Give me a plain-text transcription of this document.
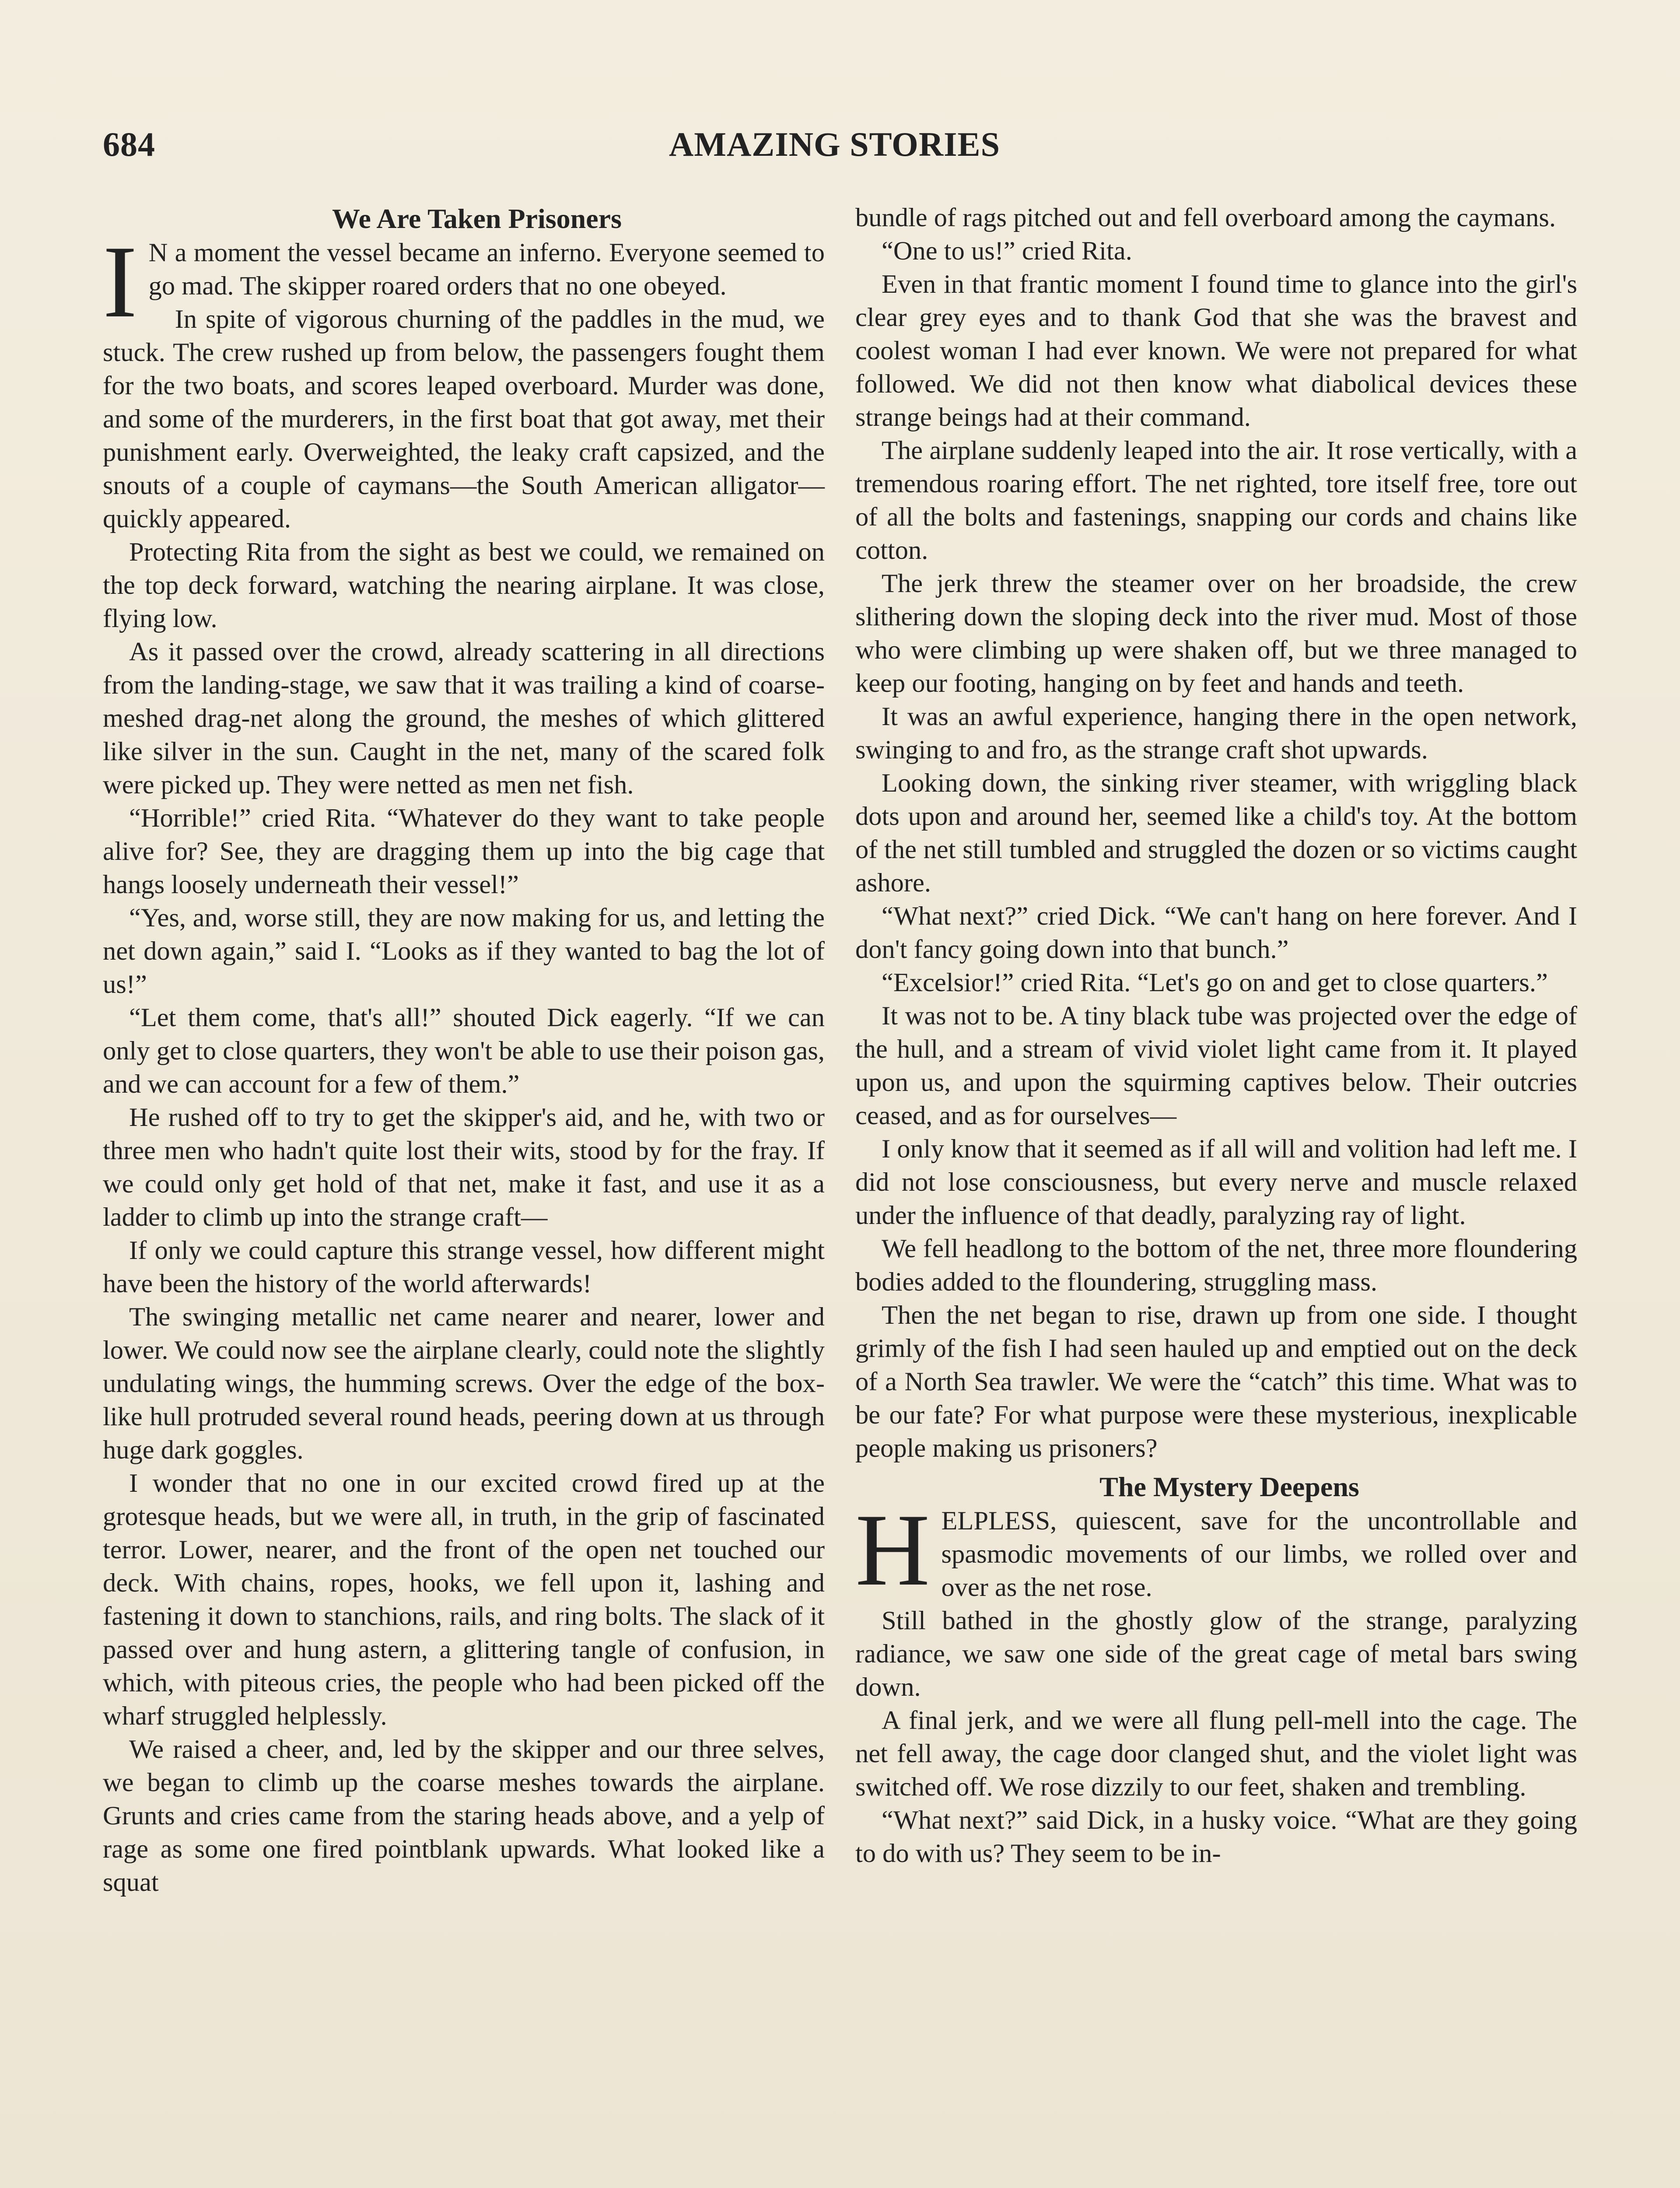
684	AMAZING STORIES

We Are Taken Prisoners

I N a moment the vessel became an inferno. Everyone seemed to go mad. The skipper roared orders that no one obeyed.

In spite of vigorous churning of the paddles in the mud, we stuck. The crew rushed up from below, the passengers fought them for the two boats, and scores leaped overboard. Murder was done, and some of the murderers, in the first boat that got away, met their punishment early. Overweighted, the leaky craft capsized, and the snouts of a couple of caymans—the South American alligator—quickly appeared.

Protecting Rita from the sight as best we could, we remained on the top deck forward, watching the nearing airplane. It was close, flying low.

As it passed over the crowd, already scattering in all directions from the landing-stage, we saw that it was trailing a kind of coarse-meshed drag-net along the ground, the meshes of which glittered like silver in the sun. Caught in the net, many of the scared folk were picked up. They were netted as men net fish.

“Horrible!” cried Rita. “Whatever do they want to take people alive for? See, they are dragging them up into the big cage that hangs loosely underneath their vessel!”

“Yes, and, worse still, they are now making for us, and letting the net down again,” said I. “Looks as if they wanted to bag the lot of us!”

“Let them come, that's all!” shouted Dick eagerly. “If we can only get to close quarters, they won't be able to use their poison gas, and we can account for a few of them.”

He rushed off to try to get the skipper's aid, and he, with two or three men who hadn't quite lost their wits, stood by for the fray. If we could only get hold of that net, make it fast, and use it as a ladder to climb up into the strange craft—

If only we could capture this strange vessel, how different might have been the history of the world afterwards!

The swinging metallic net came nearer and nearer, lower and lower. We could now see the airplane clearly, could note the slightly undulating wings, the humming screws. Over the edge of the box-like hull protruded several round heads, peering down at us through huge dark goggles.

I wonder that no one in our excited crowd fired up at the grotesque heads, but we were all, in truth, in the grip of fascinated terror. Lower, nearer, and the front of the open net touched our deck. With chains, ropes, hooks, we fell upon it, lashing and fastening it down to stanchions, rails, and ring bolts. The slack of it passed over and hung astern, a glittering tangle of confusion, in which, with piteous cries, the people who had been picked off the wharf struggled helplessly.

We raised a cheer, and, led by the skipper and our three selves, we began to climb up the coarse meshes towards the airplane. Grunts and cries came from the staring heads above, and a yelp of rage as some one fired pointblank upwards. What looked like a squat

bundle of rags pitched out and fell overboard among the caymans.

“One to us!” cried Rita.

Even in that frantic moment I found time to glance into the girl's clear grey eyes and to thank God that she was the bravest and coolest woman I had ever known. We were not prepared for what followed. We did not then know what diabolical devices these strange beings had at their command.

The airplane suddenly leaped into the air. It rose vertically, with a tremendous roaring effort. The net righted, tore itself free, tore out of all the bolts and fastenings, snapping our cords and chains like cotton.

The jerk threw the steamer over on her broadside, the crew slithering down the sloping deck into the river mud. Most of those who were climbing up were shaken off, but we three managed to keep our footing, hanging on by feet and hands and teeth.

It was an awful experience, hanging there in the open network, swinging to and fro, as the strange craft shot upwards.

Looking down, the sinking river steamer, with wriggling black dots upon and around her, seemed like a child's toy. At the bottom of the net still tumbled and struggled the dozen or so victims caught ashore.

“What next?” cried Dick. “We can't hang on here forever. And I don't fancy going down into that bunch.”

“Excelsior!” cried Rita. “Let's go on and get to close quarters.”

It was not to be. A tiny black tube was projected over the edge of the hull, and a stream of vivid violet light came from it. It played upon us, and upon the squirming captives below. Their outcries ceased, and as for ourselves—

I only know that it seemed as if all will and volition had left me. I did not lose consciousness, but every nerve and muscle relaxed under the influence of that deadly, paralyzing ray of light.

We fell headlong to the bottom of the net, three more floundering bodies added to the floundering, struggling mass.

Then the net began to rise, drawn up from one side. I thought grimly of the fish I had seen hauled up and emptied out on the deck of a North Sea trawler. We were the “catch” this time. What was to be our fate? For what purpose were these mysterious, inexplicable people making us prisoners?

The Mystery Deepens

HELPLESS, quiescent, save for the uncontrollable and spasmodic movements of our limbs, we rolled over and over as the net rose.

Still bathed in the ghostly glow of the strange, paralyzing radiance, we saw one side of the great cage of metal bars swing down.

A final jerk, and we were all flung pell-mell into the cage. The net fell away, the cage door clanged shut, and the violet light was switched off. We rose dizzily to our feet, shaken and trembling.

“What next?” said Dick, in a husky voice. “What are they going to do with us? They seem to be in-
